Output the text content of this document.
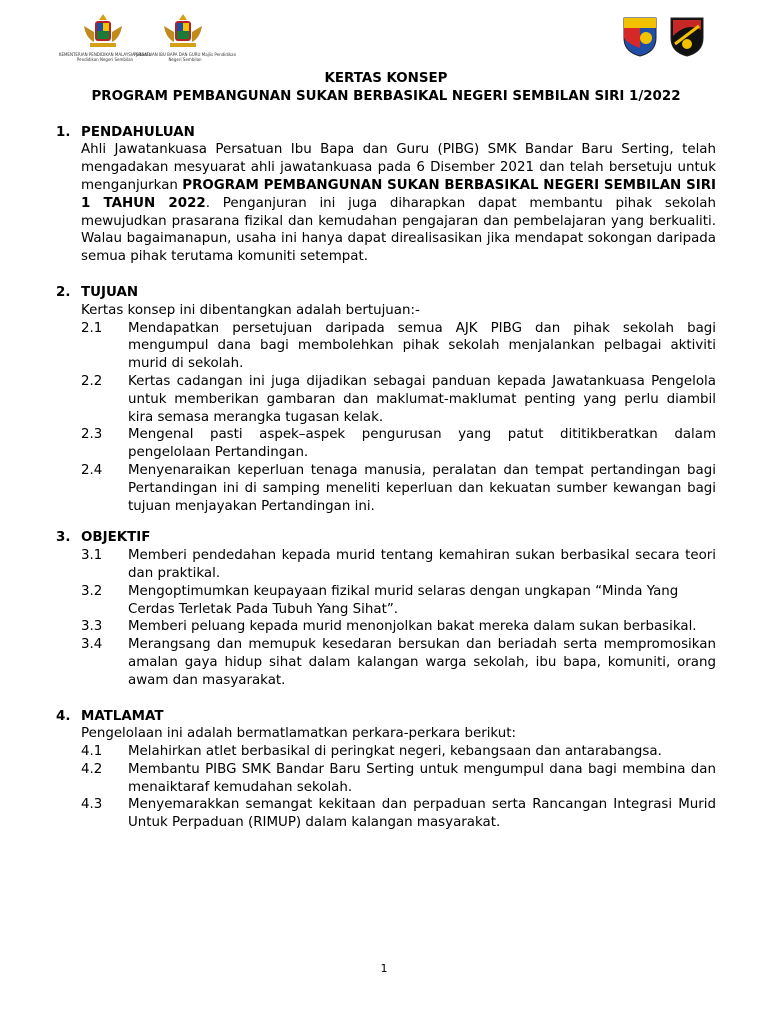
KEMENTERIAN PENDIDIKAN MALAYSIA Jabatan Pendidikan Negeri Sembilan
PERSATUAN IBU BAPA DAN GURU Majlis Pendidikan Negeri Sembilan
KERTAS KONSEP
PROGRAM PEMBANGUNAN SUKAN BERBASIKAL NEGERI SEMBILAN SIRI 1/2022
1. PENDAHULUAN
Ahli Jawatankuasa Persatuan Ibu Bapa dan Guru (PIBG) SMK Bandar Baru Serting, telah mengadakan mesyuarat ahli jawatankuasa pada 6 Disember 2021 dan telah bersetuju untuk menganjurkan PROGRAM PEMBANGUNAN SUKAN BERBASIKAL NEGERI SEMBILAN SIRI 1 TAHUN 2022. Penganjuran ini juga diharapkan dapat membantu pihak sekolah mewujudkan prasarana fizikal dan kemudahan pengajaran dan pembelajaran yang berkualiti. Walau bagaimanapun, usaha ini hanya dapat direalisasikan jika mendapat sokongan daripada semua pihak terutama komuniti setempat.
2. TUJUAN
Kertas konsep ini dibentangkan adalah bertujuan:-
2.1	Mendapatkan persetujuan daripada semua AJK PIBG dan pihak sekolah bagi mengumpul dana bagi membolehkan pihak sekolah menjalankan pelbagai aktiviti murid di sekolah.
2.2	Kertas cadangan ini juga dijadikan sebagai panduan kepada Jawatankuasa Pengelola untuk memberikan gambaran dan maklumat-maklumat penting yang perlu diambil kira semasa merangka tugasan kelak.
2.3	Mengenal pasti aspek–aspek pengurusan yang patut dititikberatkan dalam pengelolaan Pertandingan.
2.4	Menyenaraikan keperluan tenaga manusia, peralatan dan tempat pertandingan bagi Pertandingan ini di samping meneliti keperluan dan kekuatan sumber kewangan bagi tujuan menjayakan Pertandingan ini.
3. OBJEKTIF
3.1	Memberi pendedahan kepada murid tentang kemahiran sukan berbasikal secara teori dan praktikal.
3.2	Mengoptimumkan keupayaan fizikal murid selaras dengan ungkapan “Minda Yang Cerdas Terletak Pada Tubuh Yang Sihat”.
3.3	Memberi peluang kepada murid menonjolkan bakat mereka dalam sukan berbasikal.
3.4	Merangsang dan memupuk kesedaran bersukan dan beriadah serta mempromosikan amalan gaya hidup sihat dalam kalangan warga sekolah, ibu bapa, komuniti, orang awam dan masyarakat.
4. MATLAMAT
Pengelolaan ini adalah bermatlamatkan perkara-perkara berikut:
4.1	Melahirkan atlet berbasikal di peringkat negeri, kebangsaan dan antarabangsa.
4.2	Membantu PIBG SMK Bandar Baru Serting untuk mengumpul dana bagi membina dan menaiktaraf kemudahan sekolah.
4.3	Menyemarakkan semangat kekitaan dan perpaduan serta Rancangan Integrasi Murid Untuk Perpaduan (RIMUP) dalam kalangan masyarakat.
1
